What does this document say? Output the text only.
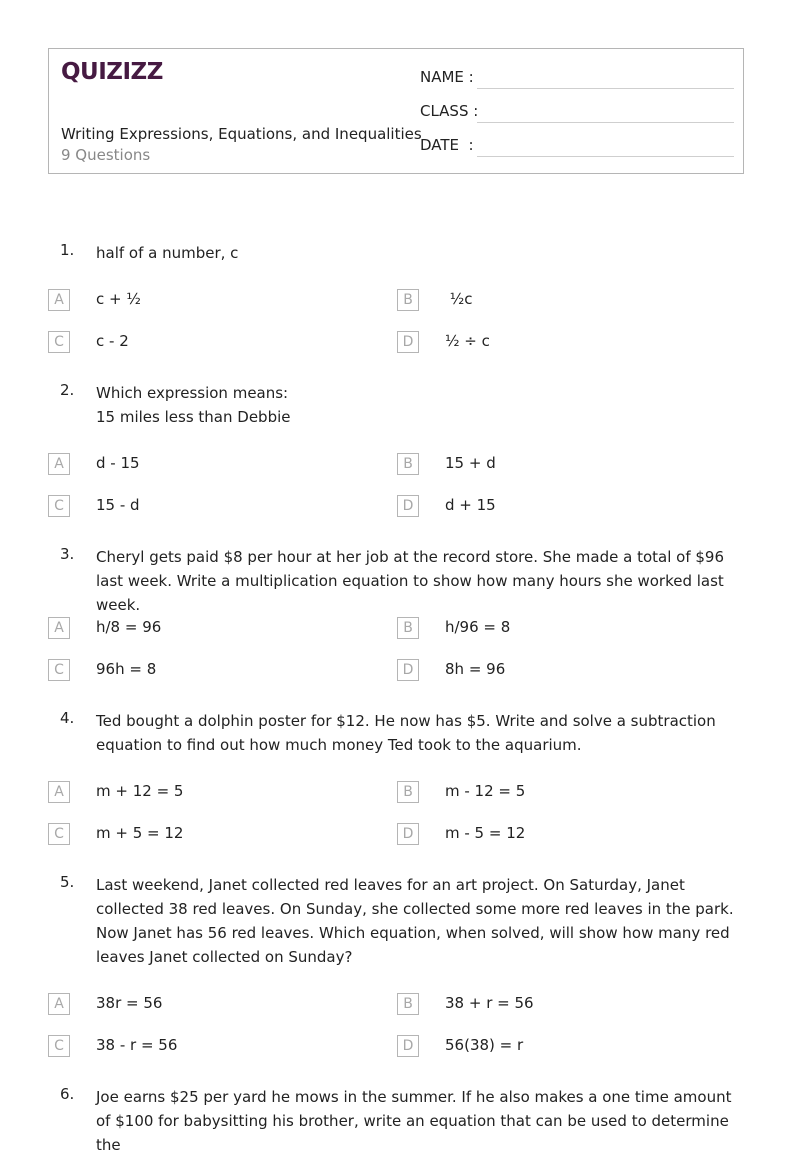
QUIZIZZ
Writing Expressions, Equations, and Inequalities
9 Questions
NAME :
CLASS :
DATE  :
1. half of a number, c
A	c + ½	B	½c
C	c - 2	D	½ ÷ c
2. Which expression means:
15 miles less than Debbie
A	d - 15	B	15 + d
C	15 - d	D	d + 15
3. Cheryl gets paid $8 per hour at her job at the record store. She made a total of $96 last week. Write a multiplication equation to show how many hours she worked last week.
A	h/8 = 96	B	h/96 = 8
C	96h = 8	D	8h = 96
4. Ted bought a dolphin poster for $12. He now has $5. Write and solve a subtraction equation to find out how much money Ted took to the aquarium.
A	m + 12 = 5	B	m - 12 = 5
C	m + 5 = 12	D	m - 5 = 12
5. Last weekend, Janet collected red leaves for an art project. On Saturday, Janet collected 38 red leaves. On Sunday, she collected some more red leaves in the park. Now Janet has 56 red leaves. Which equation, when solved, will show how many red leaves Janet collected on Sunday?
A	38r = 56	B	38 + r = 56
C	38 - r = 56	D	56(38) = r
6. Joe earns $25 per yard he mows in the summer. If he also makes a one time amount of $100 for babysitting his brother, write an equation that can be used to determine the
